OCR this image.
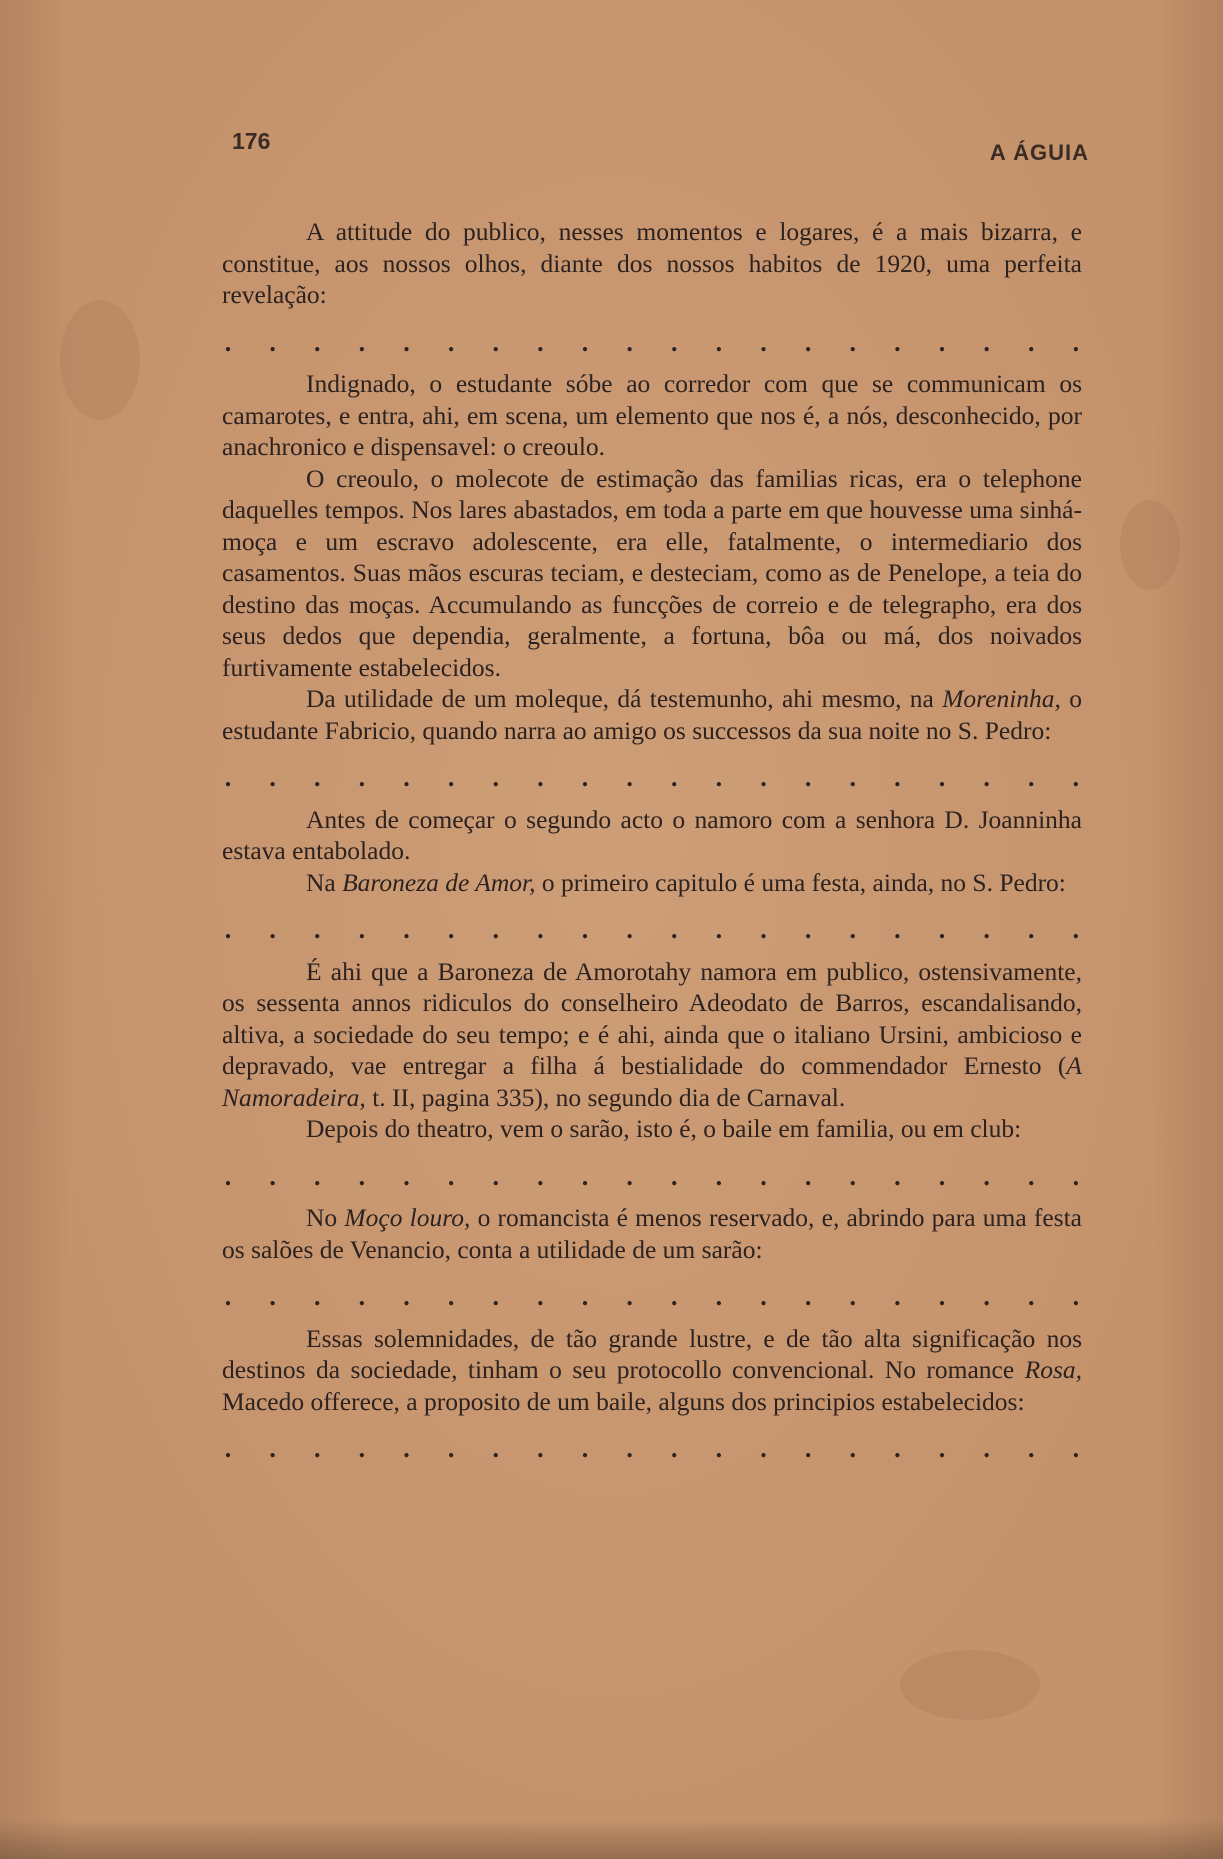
176	A ÁGUIA

A attitude do publico, nesses momentos e logares, é a mais bizarra, e constitue, aos nossos olhos, diante dos nossos habitos de 1920, uma perfeita revelação:

. . . . . . . . . . . . . . . . . . . .

Indignado, o estudante sóbe ao corredor com que se communicam os camarotes, e entra, ahi, em scena, um elemento que nos é, a nós, desconhecido, por anachronico e dispensavel: o creoulo.

O creoulo, o molecote de estimação das familias ricas, era o telephone daquelles tempos. Nos lares abastados, em toda a parte em que houvesse uma sinhá-moça e um escravo adolescente, era elle, fatalmente, o intermediario dos casamentos. Suas mãos escuras teciam, e desteciam, como as de Penelope, a teia do destino das moças. Accumulando as funcções de correio e de telegrapho, era dos seus dedos que dependia, geralmente, a fortuna, bôa ou má, dos noivados furtivamente estabelecidos.

Da utilidade de um moleque, dá testemunho, ahi mesmo, na Moreninha, o estudante Fabricio, quando narra ao amigo os successos da sua noite no S. Pedro:

. . . . . . . . . . . . . . . . . . . .

Antes de começar o segundo acto o namoro com a senhora D. Joanninha estava entabolado.

Na Baroneza de Amor, o primeiro capitulo é uma festa, ainda, no S. Pedro:

. . . . . . . . . . . . . . . . . . . .

É ahi que a Baroneza de Amorotahy namora em publico, ostensivamente, os sessenta annos ridiculos do conselheiro Adeodato de Barros, escandalisando, altiva, a sociedade do seu tempo; e é ahi, ainda que o italiano Ursini, ambicioso e depravado, vae entregar a filha á bestialidade do commendador Ernesto (A Namoradeira, t. II, pagina 335), no segundo dia de Carnaval.

Depois do theatro, vem o sarão, isto é, o baile em familia, ou em club:

. . . . . . . . . . . . . . . . . . . .

No Moço louro, o romancista é menos reservado, e, abrindo para uma festa os salões de Venancio, conta a utilidade de um sarão:

. . . . . . . . . . . . . . . . . . . .

Essas solemnidades, de tão grande lustre, e de tão alta significação nos destinos da sociedade, tinham o seu protocollo convencional. No romance Rosa, Macedo offerece, a proposito de um baile, alguns dos principios estabelecidos:

. . . . . . . . . . . . . . . . . . . .
